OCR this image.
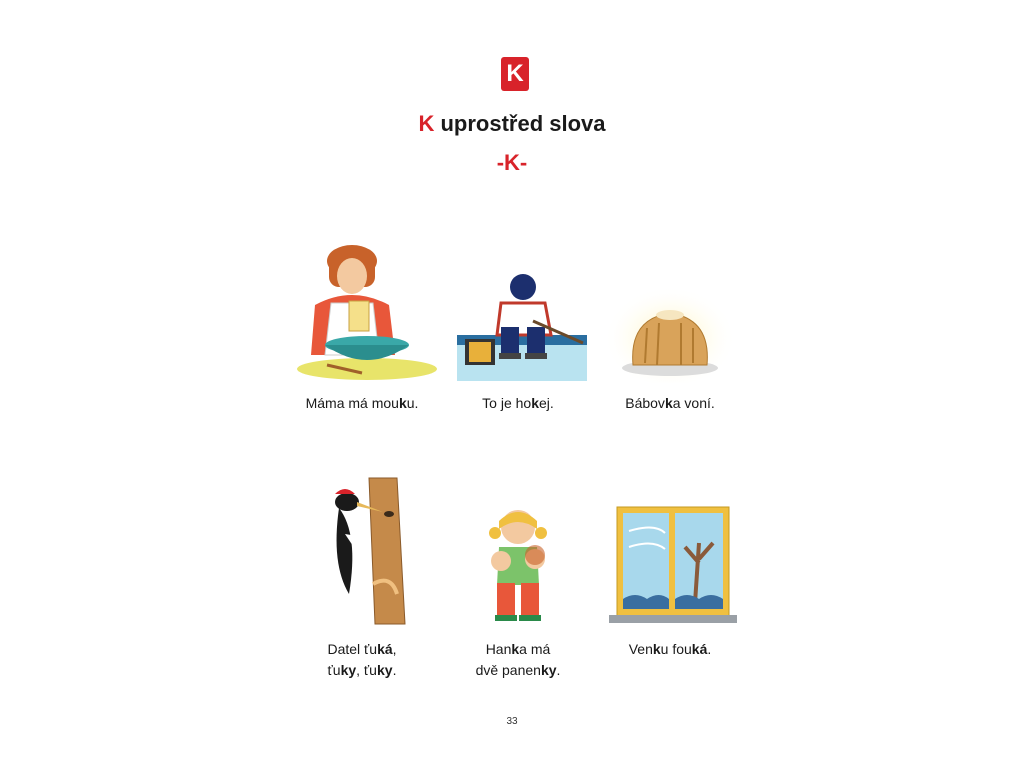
K
K uprostřed slova
-K-
Máma má mouku.	To je hokej.	Bábovka voní.
Datel ťuká,
ťuky, ťuky.
Hanka má
dvě panenky.
Venku fouká.
33
